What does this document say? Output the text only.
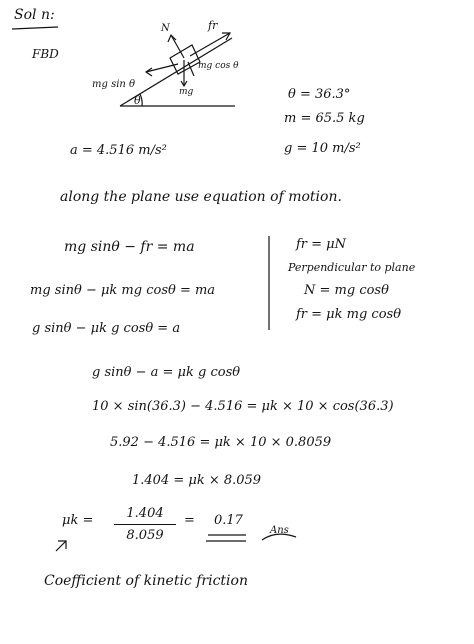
Sol n:
FBD
N	fr
mg sin θ
mg cos θ
mg
θ	θ = 36.3°
m = 65.5 kg
a = 4.516 m/s²	g = 10 m/s²
along the plane use equation of motion.
mg sinθ − fr = ma
mg sinθ − μk mg cosθ = ma
g sinθ − μk g cosθ = a
fr = μN
Perpendicular to plane
N = mg cosθ
fr = μk mg cosθ
g sinθ − a = μk g cosθ
10 × sin(36.3) − 4.516 = μk × 10 × cos(36.3)
5.92 − 4.516 = μk × 10 × 0.8059
1.404 = μk × 8.059
μk =	1.404
8.059
= 0.17
Ans
Coefficient of kinetic friction
